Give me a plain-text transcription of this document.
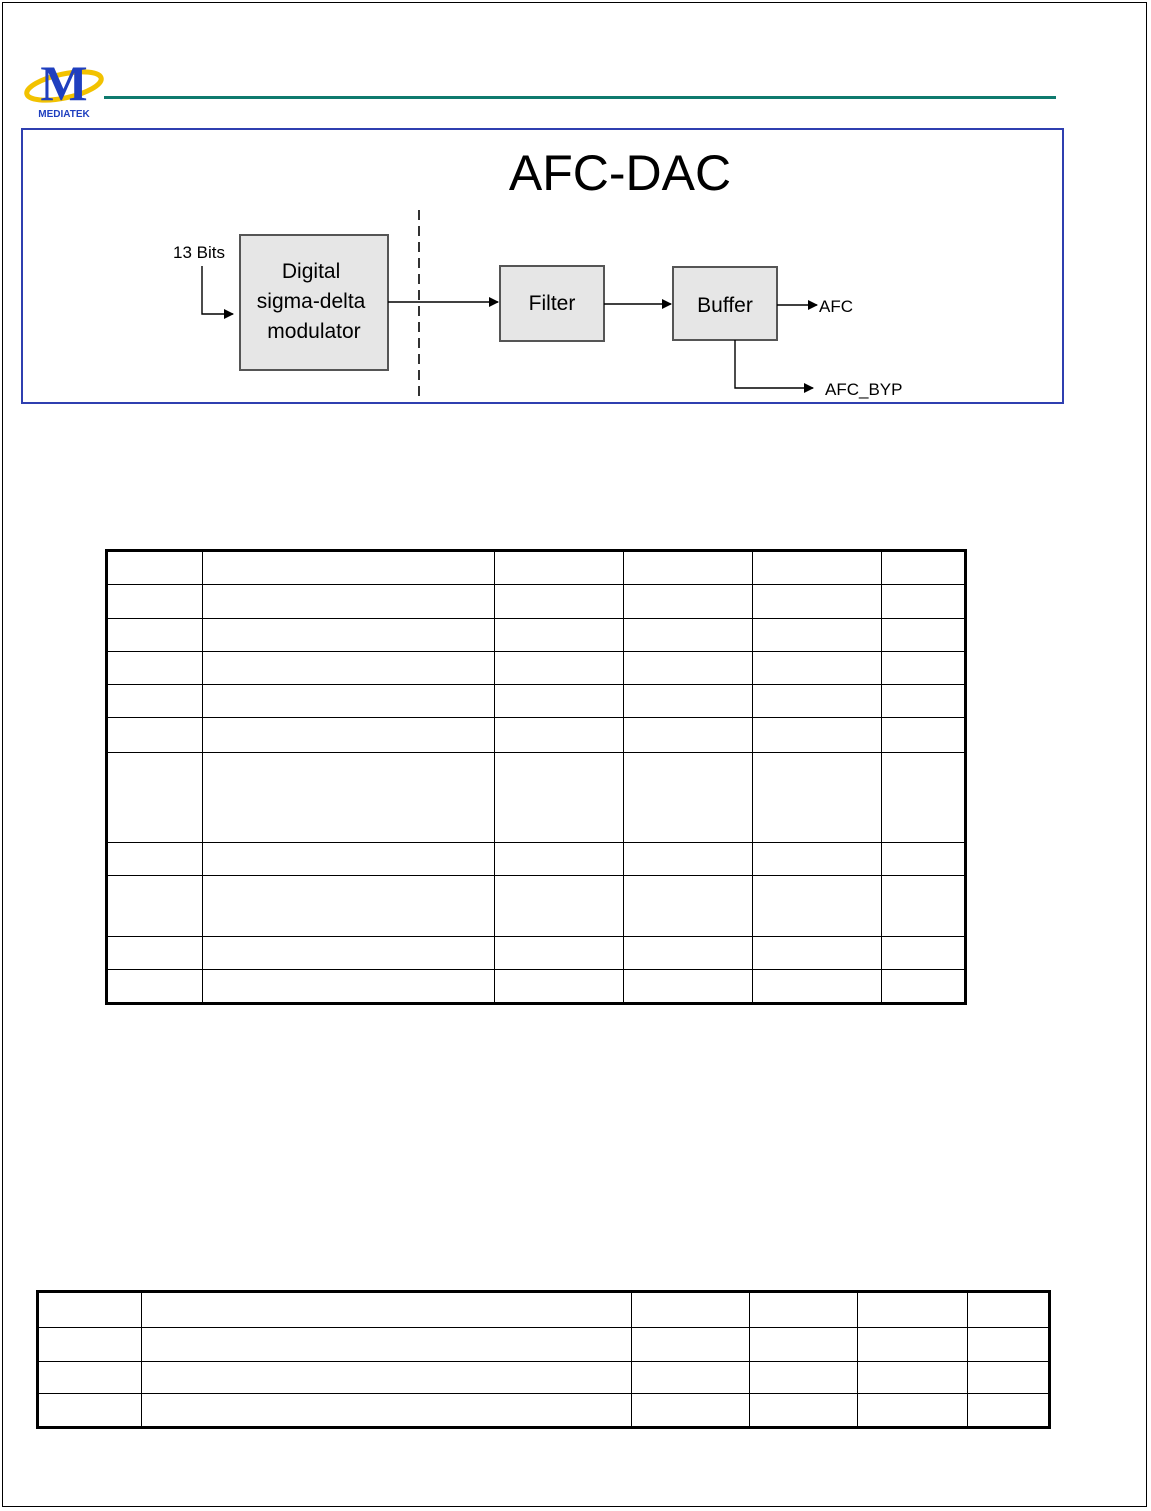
M
MEDIATEK
AFC-DAC
13 Bits
Digital sigma-delta modulator
Filter	Buffer	AFC
AFC_BYP
